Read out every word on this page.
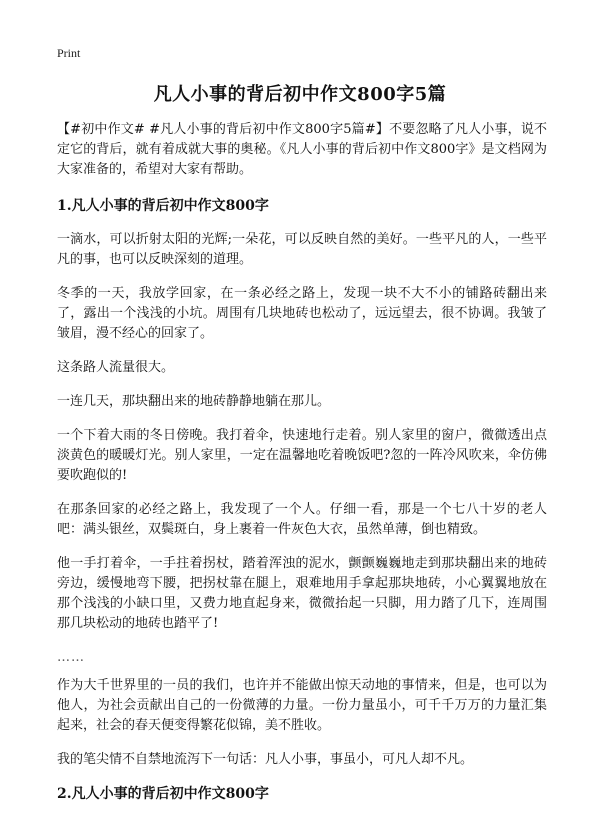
Print
凡人小事的背后初中作文800字5篇

【#初中作文# #凡人小事的背后初中作文800字5篇#】不要忽略了凡人小事，说不定它的背后，就有着成就大事的奥秘。《凡人小事的背后初中作文800字》是文档网为大家准备的，希望对大家有帮助。

1.凡人小事的背后初中作文800字

一滴水，可以折射太阳的光辉;一朵花，可以反映自然的美好。一些平凡的人，一些平凡的事，也可以反映深刻的道理。

冬季的一天，我放学回家，在一条必经之路上，发现一块不大不小的铺路砖翻出来了，露出一个浅浅的小坑。周围有几块地砖也松动了，远远望去，很不协调。我皱了皱眉，漫不经心的回家了。

这条路人流量很大。

一连几天，那块翻出来的地砖静静地躺在那儿。

一个下着大雨的冬日傍晚。我打着伞，快速地行走着。别人家里的窗户，微微透出点淡黄色的暖暖灯光。别人家里，一定在温馨地吃着晚饭吧?忽的一阵冷风吹来，伞仿佛要吹跑似的!

在那条回家的必经之路上，我发现了一个人。仔细一看，那是一个七八十岁的老人吧：满头银丝，双鬓斑白，身上裹着一件灰色大衣，虽然单薄，倒也精致。

他一手打着伞，一手拄着拐杖，踏着浑浊的泥水，颤颤巍巍地走到那块翻出来的地砖旁边，缓慢地弯下腰，把拐杖靠在腿上，艰难地用手拿起那块地砖，小心翼翼地放在那个浅浅的小缺口里，又费力地直起身来，微微抬起一只脚，用力踏了几下，连周围那几块松动的地砖也踏平了!

……

作为大千世界里的一员的我们，也许并不能做出惊天动地的事情来，但是，也可以为他人，为社会贡献出自己的一份微薄的力量。一份力量虽小，可千千万万的力量汇集起来，社会的春天便变得繁花似锦，美不胜收。

我的笔尖情不自禁地流泻下一句话：凡人小事，事虽小，可凡人却不凡。

2.凡人小事的背后初中作文800字
